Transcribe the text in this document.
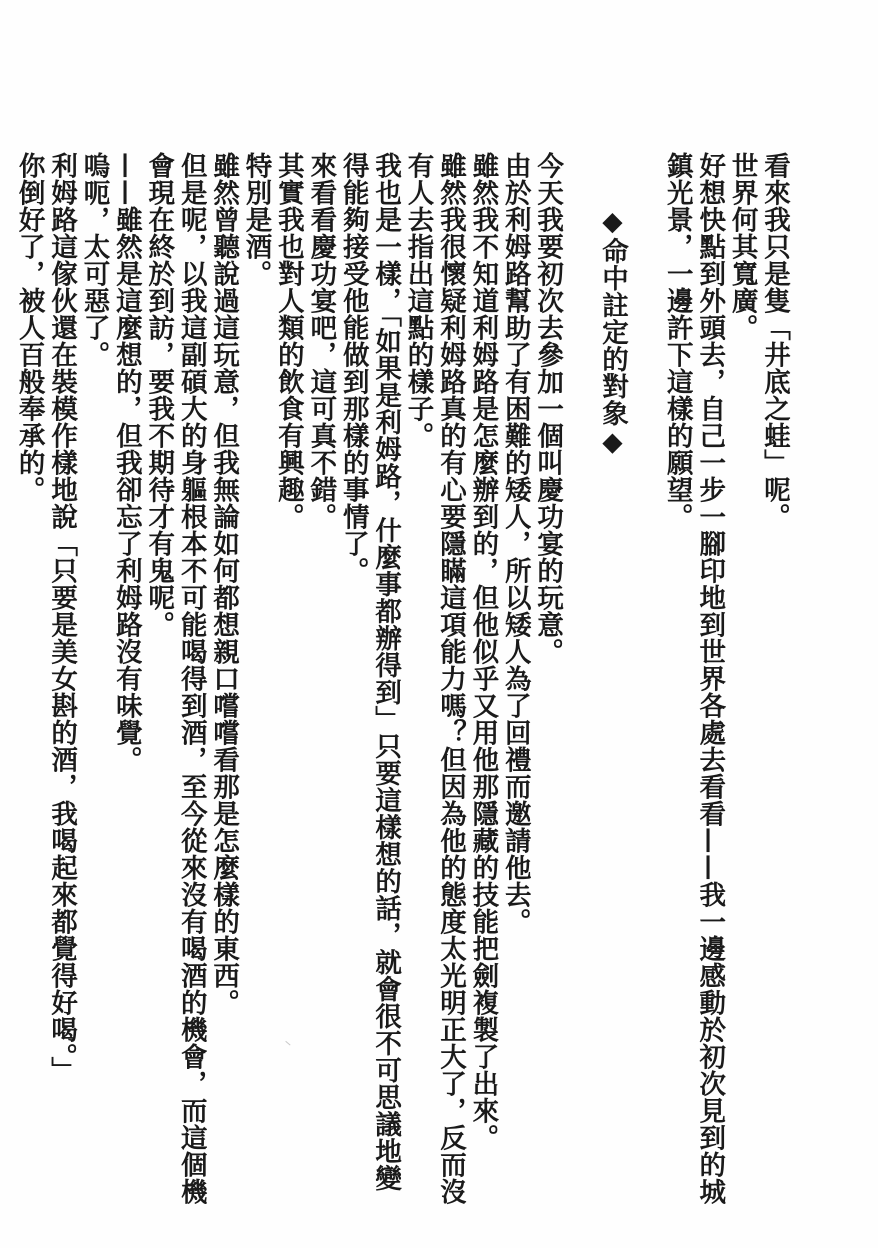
看來我只是隻「井底之蛙」呢。
世界何其寬廣。
好想快點到外頭去，自己一步一腳印地到世界各處去看看——我一邊感動於初次見到的城
鎮光景，一邊許下這樣的願望。

◆命中註定的對象◆

今天我要初次去參加一個叫慶功宴的玩意。
由於利姆路幫助了有困難的矮人，所以矮人為了回禮而邀請他去。
雖然我不知道利姆路是怎麼辦到的，但他似乎又用他那隱藏的技能把劍複製了出來。
雖然我很懷疑利姆路真的有心要隱瞞這項能力嗎？但因為他的態度太光明正大了，反而沒
有人去指出這點的樣子。
我也是一樣，「如果是利姆路，什麼事都辦得到」只要這樣想的話，就會很不可思議地變
得能夠接受他能做到那樣的事情了。
來看看慶功宴吧，這可真不錯。
其實我也對人類的飲食有興趣。
特別是酒。
雖然曾聽說過這玩意，但我無論如何都想親口嚐嚐看那是怎麼樣的東西。
但是呢，以我這副碩大的身軀根本不可能喝得到酒，至今從來沒有喝酒的機會，而這個機
會現在終於到訪，要我不期待才有鬼呢。
——雖然是這麼想的，但我卻忘了利姆路沒有味覺。
嗚呃，太可惡了。
利姆路這傢伙還在裝模作樣地說「只要是美女斟的酒，我喝起來都覺得好喝。」
你倒好了，被人百般奉承的。
